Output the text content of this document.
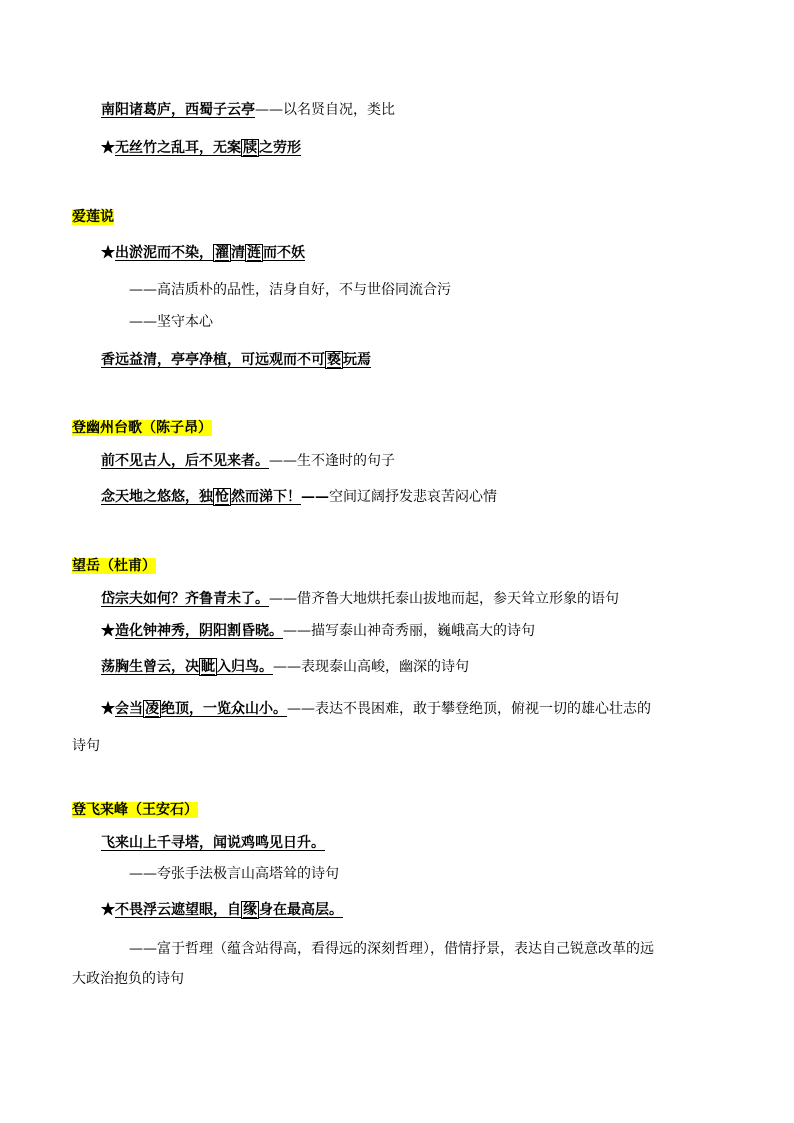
南阳诸葛庐，西蜀子云亭——以名贤自况，类比
★无丝竹之乱耳，无案 牍 之劳形
爱莲说
★出淤泥而不染， 濯 清 涟 而不妖
——高洁质朴的品性，洁身自好，不与世俗同流合污
——坚守本心
香远益清，亭亭净植，可远观而不可 亵 玩焉
登幽州台歌（陈子昂）
前不见古人，后不见来者。——生不逢时的句子
念天地之悠悠，独 怆 然而涕下！——空间辽阔抒发悲哀苦闷心情
望岳（杜甫）
岱宗夫如何？齐鲁青未了。——借齐鲁大地烘托泰山拔地而起，参天耸立形象的语句
★造化钟神秀，阴阳割昏晓。——描写泰山神奇秀丽，巍峨高大的诗句
荡胸生曾云，决 眦 入归鸟。——表现泰山高峻，幽深的诗句
★会当 凌 绝顶，一览众山小。——表达不畏困难，敢于攀登绝顶，俯视一切的雄心壮志的
诗句
登飞来峰（王安石）
飞来山上千寻塔，闻说鸡鸣见日升。
——夸张手法极言山高塔耸的诗句
★不畏浮云遮望眼，自 缘 身在最高层。
——富于哲理（蕴含站得高，看得远的深刻哲理），借情抒景，表达自己锐意改革的远
大政治抱负的诗句
